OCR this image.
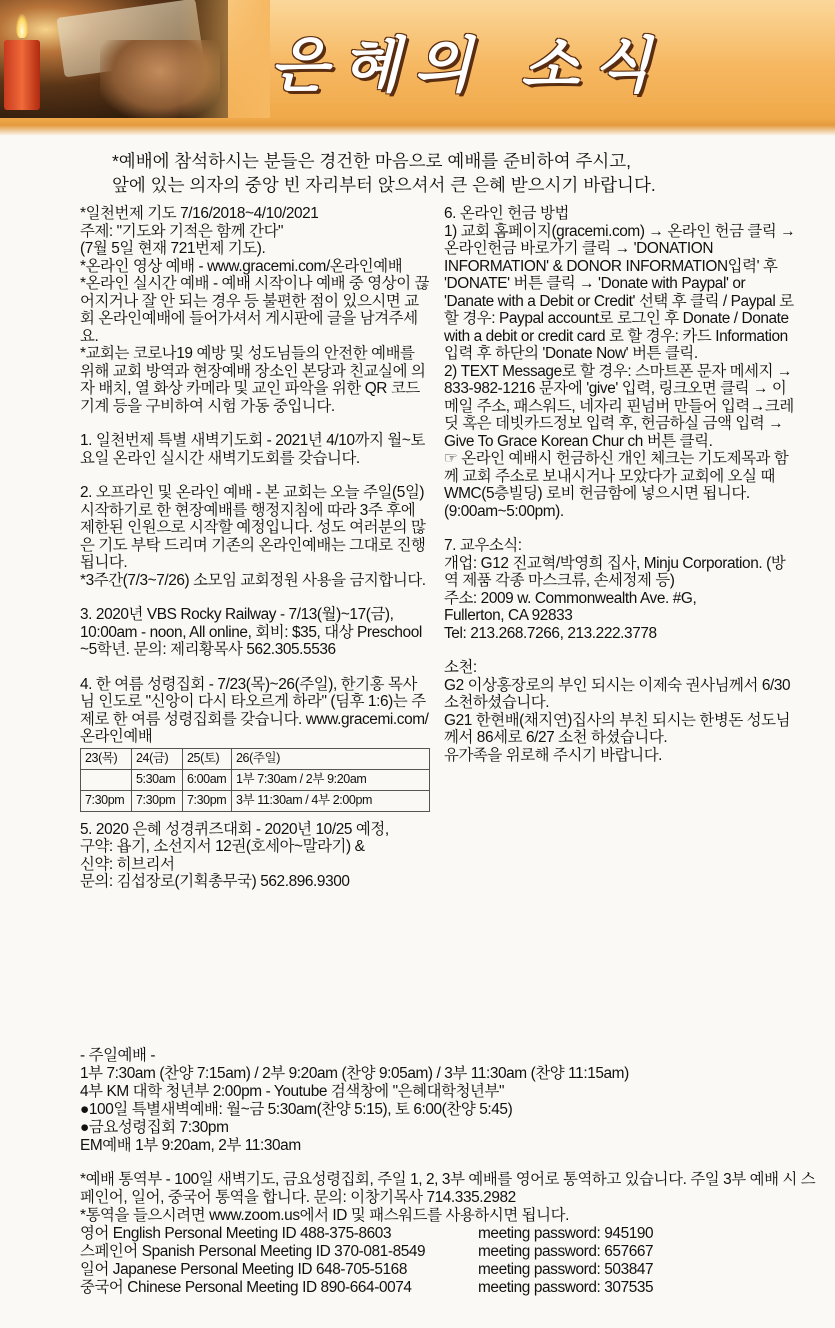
은혜의 소식
*예배에 참석하시는 분들은 경건한 마음으로 예배를 준비하여 주시고,
앞에 있는 의자의 중앙 빈 자리부터 앉으셔서 큰 은혜 받으시기 바랍니다.

*일천번제 기도 7/16/2018~4/10/2021
주제: "기도와 기적은 함께 간다"
(7월 5일 현재 721번제 기도).
*온라인 영상 예배 - www.gracemi.com/온라인예배
*온라인 실시간 예배 - 예배 시작이나 예배 중 영상이 끊어지거나 잘 안 되는 경우 등 불편한 점이 있으시면 교회 온라인예배에 들어가셔서 게시판에 글을 남겨주세요.
*교회는 코로나19 예방 및 성도님들의 안전한 예배를 위해 교회 방역과 현장예배 장소인 본당과 친교실에 의자 배치, 열 화상 카메라 및 교인 파악을 위한 QR 코드 기계 등을 구비하여 시험 가동 중입니다.

1. 일천번제 특별 새벽기도회 - 2021년 4/10까지 월~토요일 온라인 실시간 새벽기도회를 갖습니다.

2. 오프라인 및 온라인 예배 - 본 교회는 오늘 주일(5일) 시작하기로 한 현장예배를 행정지침에 따라 3주 후에 제한된 인원으로 시작할 예정입니다. 성도 여러분의 많은 기도 부탁 드리며 기존의 온라인예배는 그대로 진행됩니다.
*3주간(7/3~7/26) 소모임 교회정원 사용을 금지합니다.

3. 2020년 VBS Rocky Railway - 7/13(월)~17(금), 10:00am - noon, All online, 회비: $35, 대상 Preschool ~5학년. 문의: 제리황목사 562.305.5536

4. 한 여름 성령집회 - 7/23(목)~26(주일), 한기홍 목사님 인도로 "신앙이 다시 타오르게 하라" (딤후 1:6)는 주제로 한 여름 성령집회를 갖습니다. www.gracemi.com/온라인예배

23(목)	24(금)	25(토)	26(주일)
	5:30am	6:00am	1부 7:30am / 2부 9:20am
7:30pm	7:30pm	7:30pm	3부 11:30am / 4부 2:00pm

5. 2020 은혜 성경퀴즈대회 - 2020년 10/25 예정,
구약: 욥기, 소선지서 12권(호세아~말라기) &
신약: 히브리서
문의: 김섭장로(기획총무국) 562.896.9300

6. 온라인 헌금 방법
1) 교회 홈페이지(gracemi.com) → 온라인 헌금 클릭 → 온라인헌금 바로가기 클릭 → 'DONATION INFORMATION' & DONOR INFORMATION입력' 후 'DONATE' 버튼 클릭 → 'Donate with Paypal' or 'Danate with a Debit or Credit' 선택 후 클릭 / Paypal 로 할 경우: Paypal account로 로그인 후 Donate / Donate with a debit or credit card 로 할 경우: 카드 Information 입력 후 하단의 'Donate Now' 버튼 클릭.
2) TEXT Message로 할 경우: 스마트폰 문자 메세지 → 833-982-1216 문자에 'give' 입력, 링크오면 클릭 → 이메일 주소, 패스워드, 네자리 핀넘버 만들어 입력→크레딧 혹은 데빗카드정보 입력 후, 헌금하실 금액 입력 → Give To Grace Korean Chur ch 버튼 클릭.
☞ 온라인 예배시 헌금하신 개인 체크는 기도제목과 함께 교회 주소로 보내시거나 모았다가 교회에 오실 때 WMC(5층빌딩) 로비 헌금함에 넣으시면 됩니다. (9:00am~5:00pm).

7. 교우소식:
개업: G12 진교혁/박영희 집사, Minju Corporation. (방역 제품 각종 마스크류, 손세정제 등)
주소: 2009 w. Commonwealth Ave. #G,
Fullerton, CA 92833
Tel: 213.268.7266, 213.222.3778

소천:
G2 이상홍장로의 부인 되시는 이제숙 권사님께서 6/30 소천하셨습니다.
G21 한현배(채지연)집사의 부친 되시는 한병돈 성도님께서 86세로 6/27 소천 하셨습니다.
유가족을 위로해 주시기 바랍니다.

- 주일예배 -
1부 7:30am (찬양 7:15am) / 2부 9:20am (찬양 9:05am) / 3부 11:30am (찬양 11:15am)
4부 KM 대학 청년부 2:00pm - Youtube 검색창에 "은혜대학청년부"
●100일 특별새벽예배: 월~금 5:30am(찬양 5:15), 토 6:00(찬양 5:45)
●금요성령집회 7:30pm
EM예배 1부 9:20am, 2부 11:30am

*예배 통역부 - 100일 새벽기도, 금요성령집회, 주일 1, 2, 3부 예배를 영어로 통역하고 있습니다. 주일 3부 예배 시 스페인어, 일어, 중국어 통역을 합니다. 문의: 이창기목사 714.335.2982
*통역을 들으시려면 www.zoom.us에서 ID 및 패스워드를 사용하시면 됩니다.

영어 English Personal Meeting ID 488-375-8603	meeting password: 945190
스페인어 Spanish Personal Meeting ID 370-081-8549	meeting password: 657667
일어 Japanese Personal Meeting ID 648-705-5168	meeting password: 503847
중국어 Chinese Personal Meeting ID 890-664-0074	meeting password: 307535
